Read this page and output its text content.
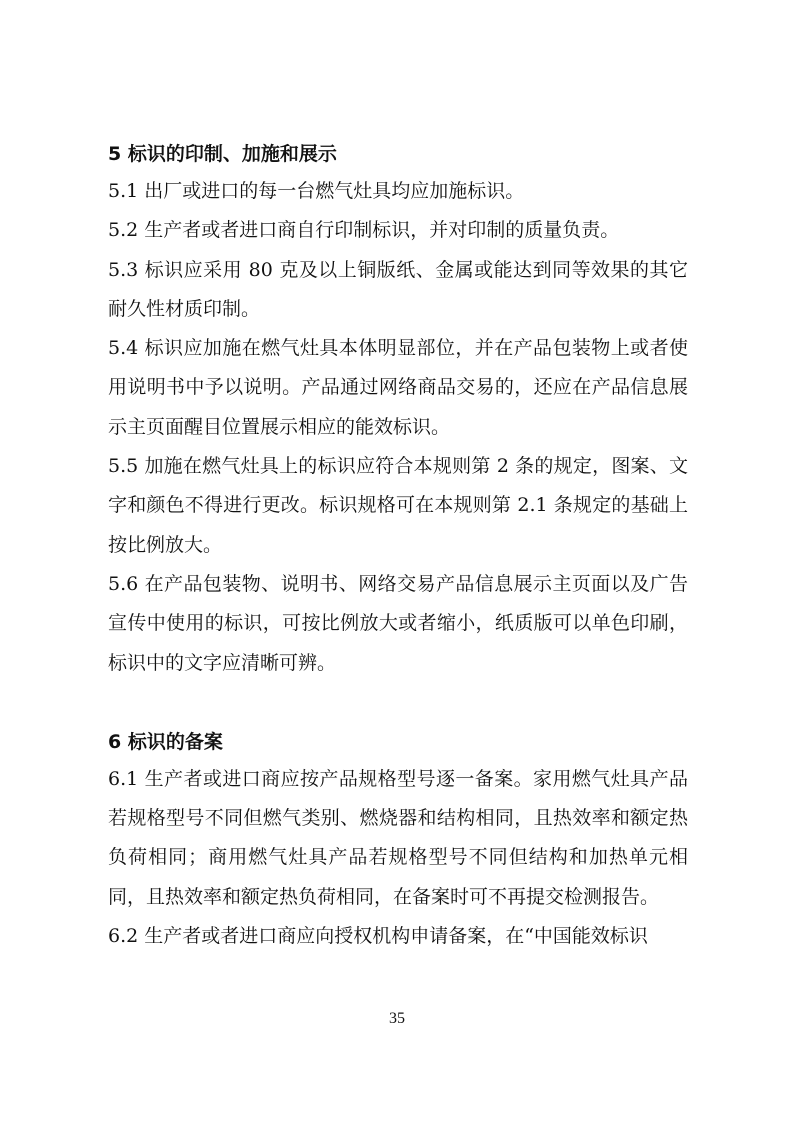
5 标识的印制、加施和展示

5.1 出厂或进口的每一台燃气灶具均应加施标识。

5.2 生产者或者进口商自行印制标识，并对印制的质量负责。

5.3 标识应采用 80 克及以上铜版纸、金属或能达到同等效果的其它耐久性材质印制。

5.4 标识应加施在燃气灶具本体明显部位，并在产品包装物上或者使用说明书中予以说明。产品通过网络商品交易的，还应在产品信息展示主页面醒目位置展示相应的能效标识。

5.5 加施在燃气灶具上的标识应符合本规则第 2 条的规定，图案、文字和颜色不得进行更改。标识规格可在本规则第 2.1 条规定的基础上按比例放大。

5.6 在产品包装物、说明书、网络交易产品信息展示主页面以及广告宣传中使用的标识，可按比例放大或者缩小，纸质版可以单色印刷，标识中的文字应清晰可辨。

6 标识的备案

6.1 生产者或进口商应按产品规格型号逐一备案。家用燃气灶具产品若规格型号不同但燃气类别、燃烧器和结构相同，且热效率和额定热负荷相同；商用燃气灶具产品若规格型号不同但结构和加热单元相同，且热效率和额定热负荷相同，在备案时可不再提交检测报告。

6.2 生产者或者进口商应向授权机构申请备案，在“中国能效标识

35
